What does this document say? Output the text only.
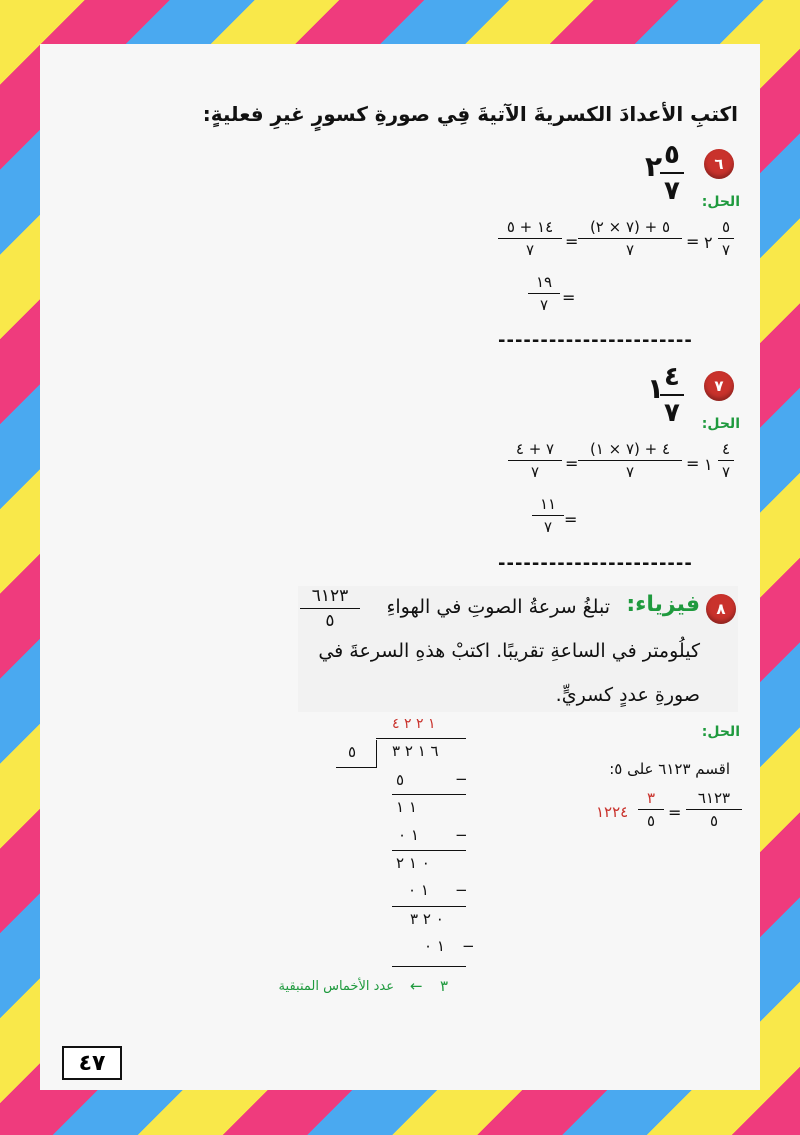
اكتبِ الأعدادَ الكسريةَ الآتيةَ فِي صورةِ كسورٍ غيرِ فعليةٍ:
٦
٥
٧
٢
الحل:
٥
٧
٢
=
(٧ × ٢) + ٥
٧
=
١٤ + ٥
٧
=
١٩
٧
-----------------------
٧
٤
٧
١
الحل:
٤
٧
١
=
(٧ × ١) + ٤
٧
=
٧ + ٤
٧
=
١١
٧
-----------------------
٨
فيزياء:
تبلغُ سرعةُ الصوتِ في الهواءِ
٦١٢٣
٥
كيلُومتر في الساعةِ تقريبًا. اكتبْ هذهِ السرعةَ في
صورةِ عددٍ كسريٍّ.
الحل:
اقسم ٦١٢٣ على ٥:
٦١٢٣
٥
=
٣
٥
١٢٢٤
١ ٢ ٢ ٤
٥ ٦ ١ ٢ ٣
٥	−
١ ١
١ ٠ −
٠ ١ ٢
١ ٠ −
٠ ٢ ٣
١ ٠ −
٣
←
عدد الأخماس المتبقية
٤٧
